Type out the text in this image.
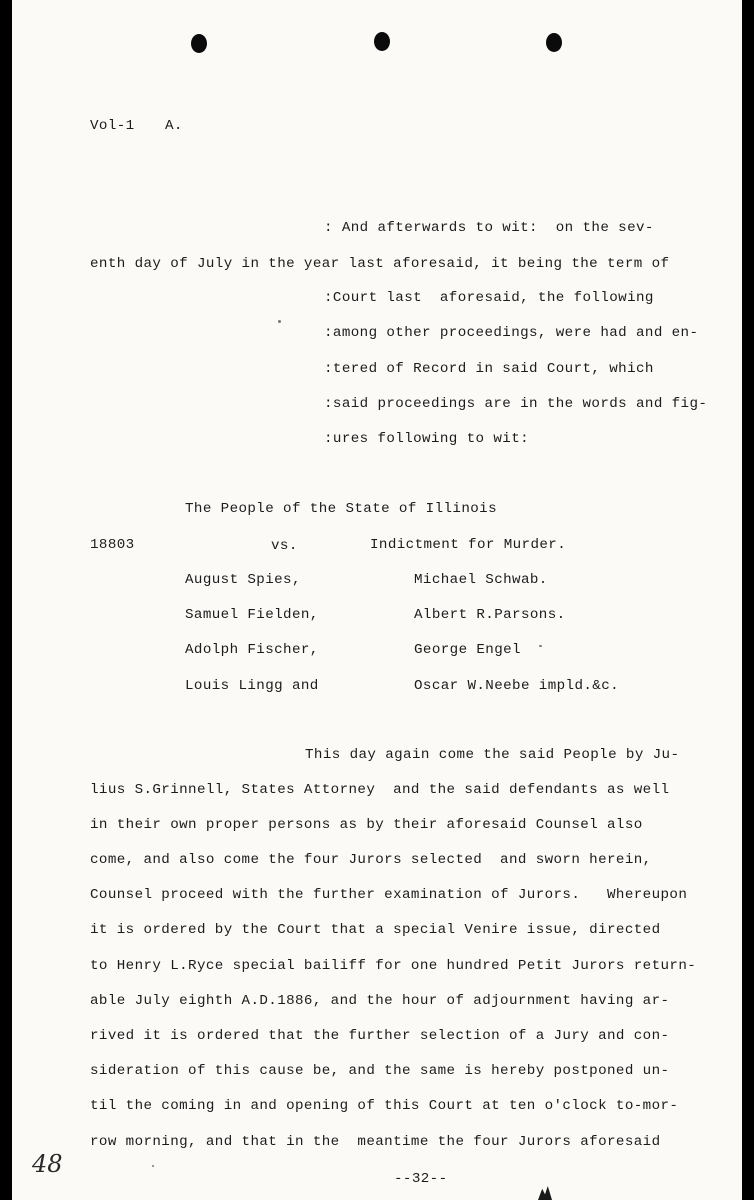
Vol-1 A.
: And afterwards to wit:  on the sev-
enth day of July in the year last aforesaid, it being the term of
:Court last  aforesaid, the following
:among other proceedings, were had and en-
:tered of Record in said Court, which
:said proceedings are in the words and fig-
:ures following to wit:
The People of the State of Illinois
18803	vs.	Indictment for Murder.
August Spies,
Samuel Fielden,
Adolph Fischer,
Louis Lingg and
Michael Schwab.
Albert R.Parsons.
George Engel
Oscar W.Neebe impld.&c.
This day again come the said People by Ju-
lius S.Grinnell, States Attorney  and the said defendants as well
in their own proper persons as by their aforesaid Counsel also
come, and also come the four Jurors selected  and sworn herein,
Counsel proceed with the further examination of Jurors.   Whereupon
it is ordered by the Court that a special Venire issue, directed
to Henry L.Ryce special bailiff for one hundred Petit Jurors return-
able July eighth A.D.1886, and the hour of adjournment having ar-
rived it is ordered that the further selection of a Jury and con-
sideration of this cause be, and the same is hereby postponed un-
til the coming in and opening of this Court at ten o'clock to-mor-
row morning, and that in the  meantime the four Jurors aforesaid
48
--32--
